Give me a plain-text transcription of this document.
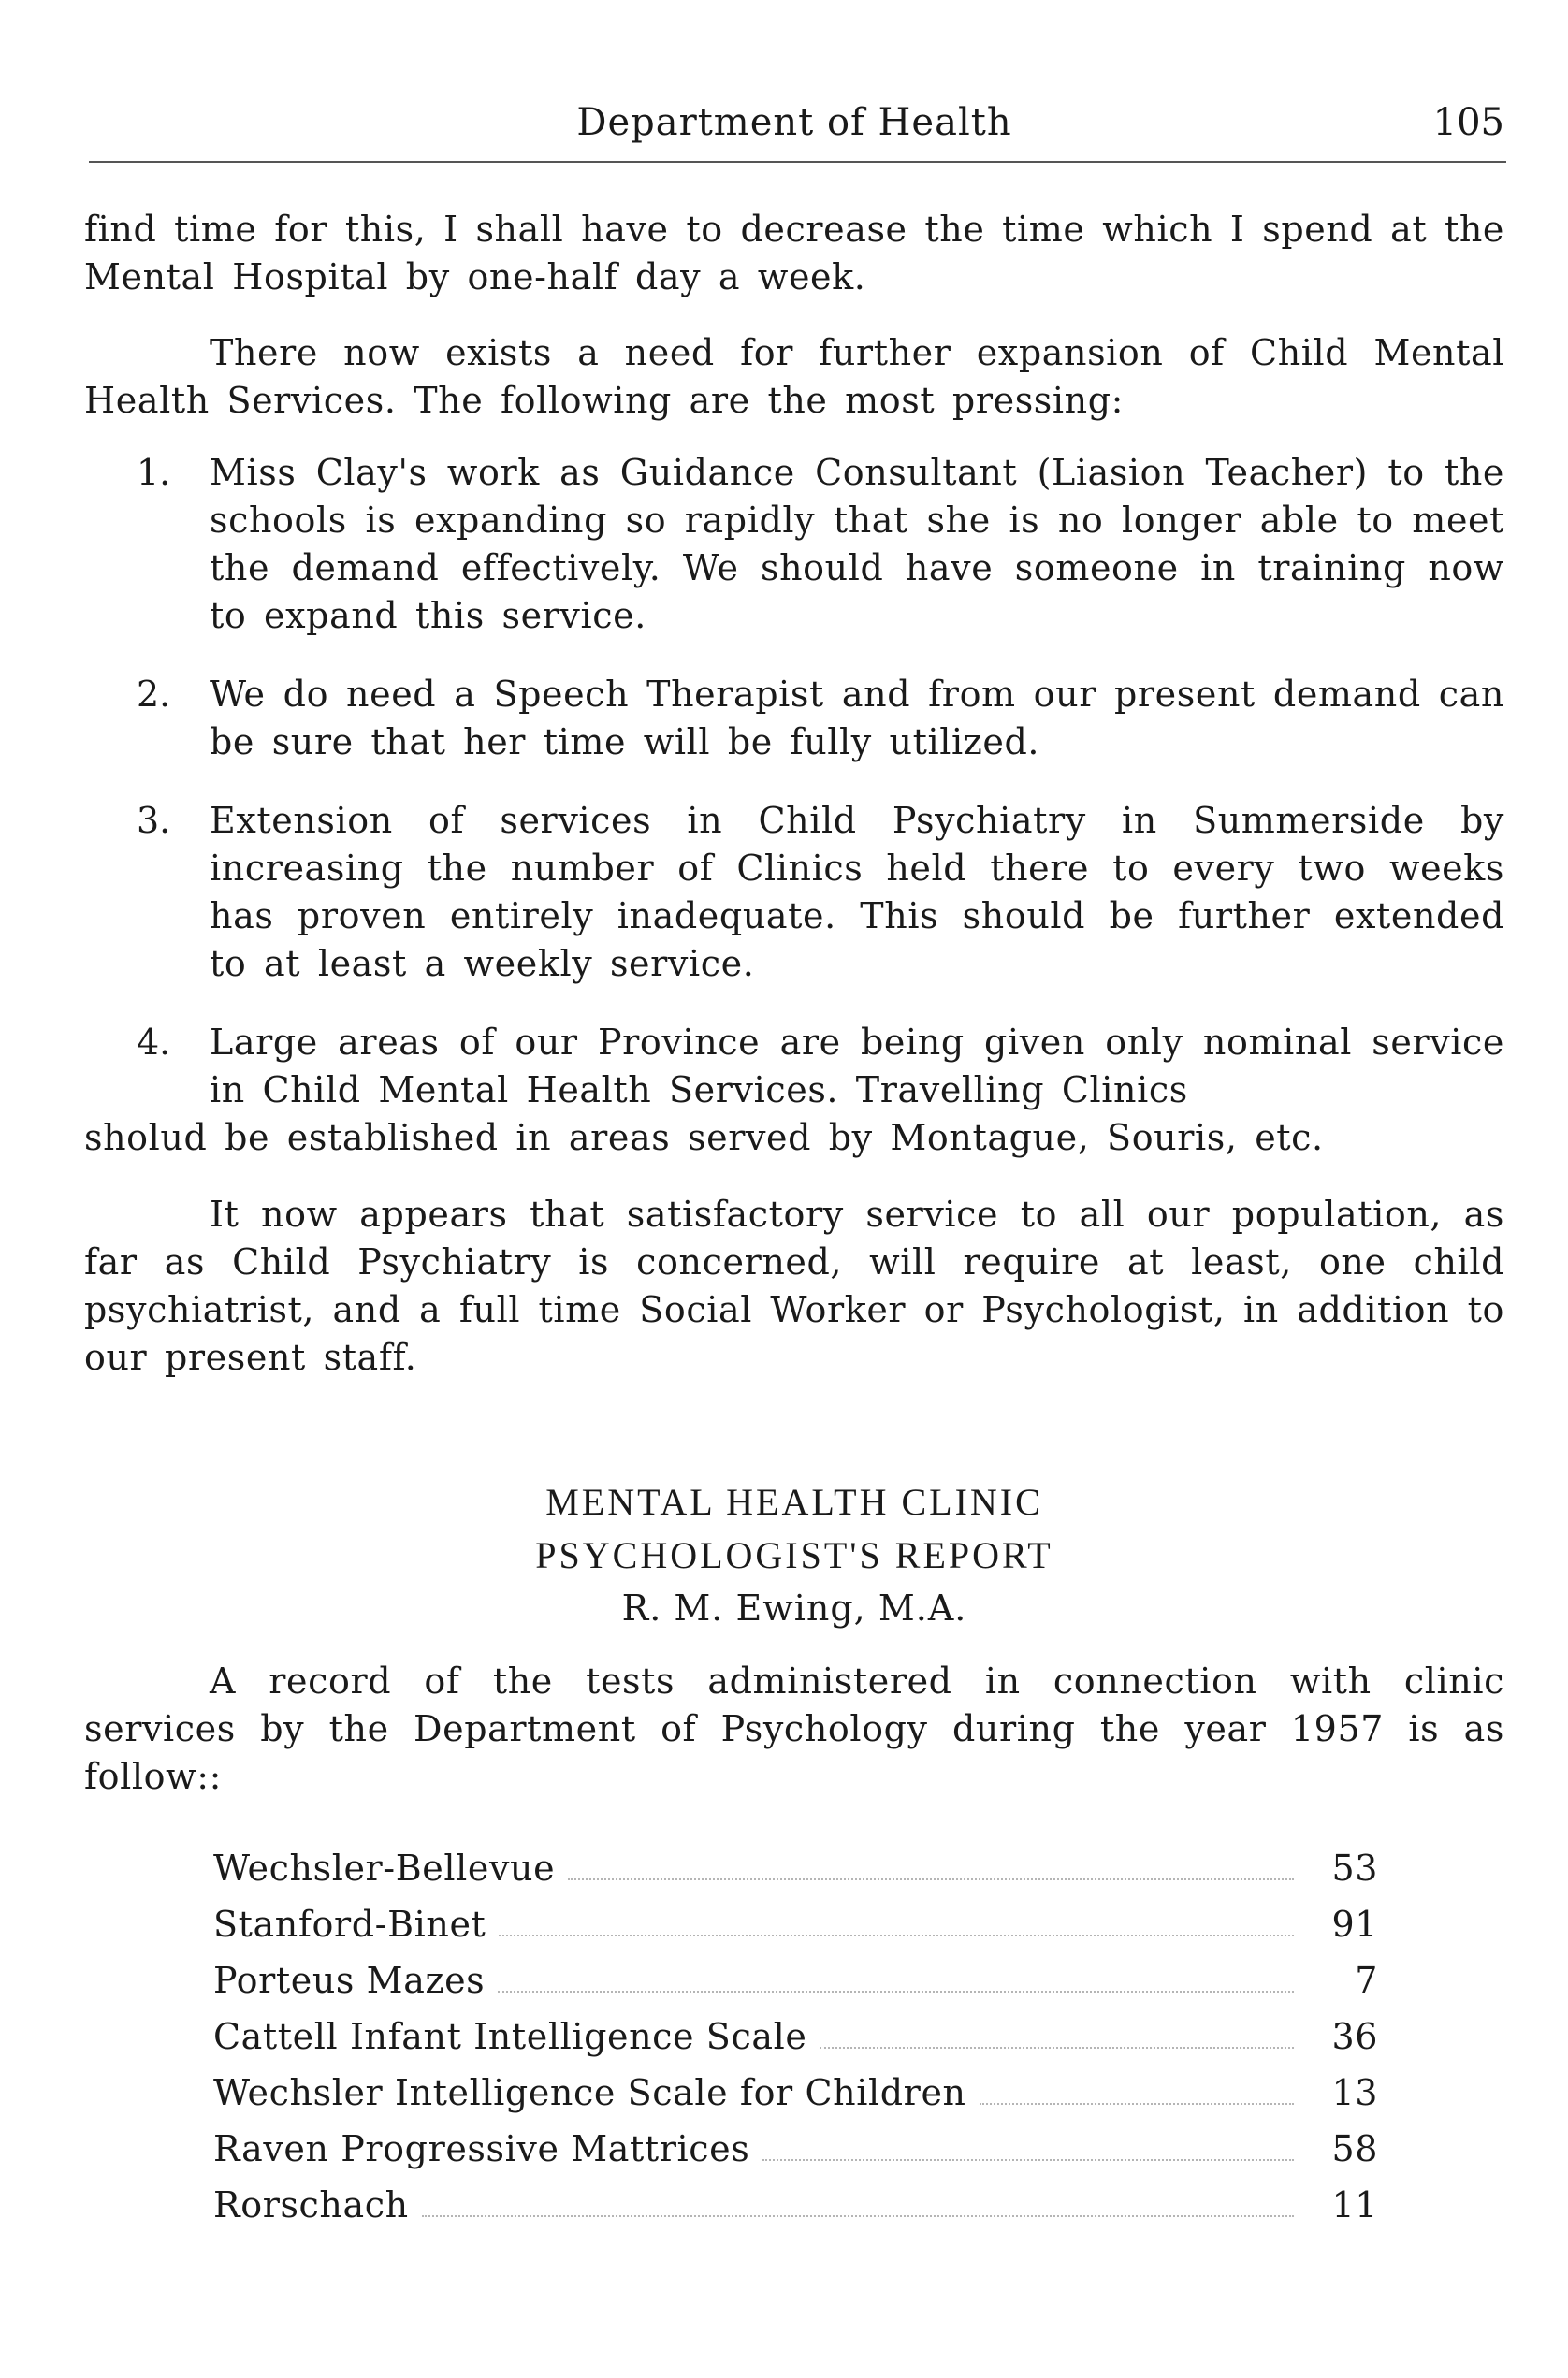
Department of Health	105

find time for this, I shall have to decrease the time which I spend at the Mental Hospital by one-half day a week.

There now exists a need for further expansion of Child Mental Health Services. The following are the most pressing:

1. Miss Clay's work as Guidance Consultant (Liasion Teacher) to the schools is expanding so rapidly that she is no longer able to meet the demand effectively. We should have someone in training now to expand this service.

2. We do need a Speech Therapist and from our present demand can be sure that her time will be fully utilized.

3. Extension of services in Child Psychiatry in Summerside by increasing the number of Clinics held there to every two weeks has proven entirely inadequate. This should be further extended to at least a weekly service.

4.	Large areas of our Province are being given only nominal service in Child Mental Health Services. Travelling Clinics

sholud be established in areas served by Montague, Souris, etc.

It now appears that satisfactory service to all our population, as far as Child Psychiatry is concerned, will require at least, one child psychiatrist, and a full time Social Worker or Psychologist, in addition to our present staff.

MENTAL HEALTH CLINIC
PSYCHOLOGIST'S REPORT
R. M. Ewing, M.A.

A record of the tests administered in connection with clinic services by the Department of Psychology during the year 1957 is as follow::

Wechsler-Bellevue	53
Stanford-Binet	91
Porteus Mazes	7
Cattell Infant Intelligence Scale	36
Wechsler Intelligence Scale for Children	13
Raven Progressive Mattrices	58
Rorschach	11
